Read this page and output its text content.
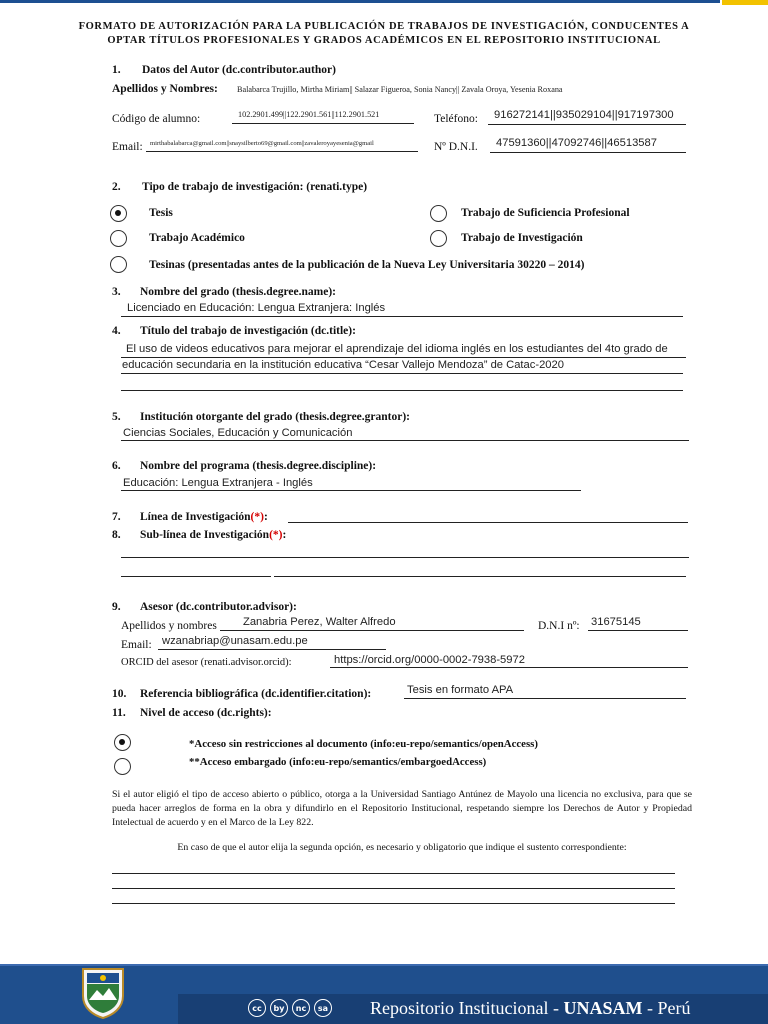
FORMATO DE AUTORIZACIÓN PARA LA PUBLICACIÓN DE TRABAJOS DE INVESTIGACIÓN, CONDUCENTES A
OPTAR TÍTULOS PROFESIONALES Y GRADOS ACADÉMICOS EN EL REPOSITORIO INSTITUCIONAL
1. Datos del Autor (dc.contributor.author)
Apellidos y Nombres: Balabarca Trujillo, Mirtha Miriam|| Salazar Figueroa, Sonia Nancy|| Zavala Oroya, Yesenia Roxana
Código de alumno:	102.2901.499||122.2901.561||112.2901.521	Teléfono: 916272141||935029104||917197300
Email: mirthabalabarca@gmail.com||snaysilberto69@gmail.com||zavaleroyayesenia@gmail	Nº D.N.I. 47591360||47092746||46513587
2. Tipo de trabajo de investigación: (renati.type)
Tesis	Trabajo de Suficiencia Profesional
Trabajo Académico	Trabajo de Investigación
Tesinas (presentadas antes de la publicación de la Nueva Ley Universitaria 30220 – 2014)
3. Nombre del grado (thesis.degree.name):
Licenciado en Educación: Lengua Extranjera: Inglés
4. Título del trabajo de investigación (dc.title):
El uso de videos educativos para mejorar el aprendizaje del idioma inglés en los estudiantes del 4to grado de
educación secundaria en la institución educativa “Cesar Vallejo Mendoza” de Catac-2020
5. Institución otorgante del grado (thesis.degree.grantor):
Ciencias Sociales, Educación y Comunicación
6. Nombre del programa (thesis.degree.discipline):
Educación: Lengua Extranjera - Inglés
7. Línea de Investigación(*):
8. Sub-línea de Investigación(*):
9. Asesor (dc.contributor.advisor):
Apellidos y nombres Zanabria Perez, Walter Alfredo	D.N.I nº: 31675145
Email: wzanabriap@unasam.edu.pe
ORCID del asesor (renati.advisor.orcid):	https://orcid.org/0000-0002-7938-5972
10. Referencia bibliográfica (dc.identifier.citation):	Tesis en formato APA
11. Nivel de acceso (dc.rights):
*Acceso sin restricciones al documento (info:eu-repo/semantics/openAccess)
**Acceso embargado (info:eu-repo/semantics/embargoedAccess)
Si el autor eligió el tipo de acceso abierto o público, otorga a la Universidad Santiago Antúnez de Mayolo una licencia no exclusiva, para que se pueda hacer arreglos de forma en la obra y difundirlo en el Repositorio Institucional, respetando siempre los Derechos de Autor y Propiedad Intelectual de acuerdo y en el Marco de la Ley 822.
En caso de que el autor elija la segunda opción, es necesario y obligatorio que indique el sustento correspondiente:
cc	by	nc	sa Repositorio Institucional - UNASAM - Perú
